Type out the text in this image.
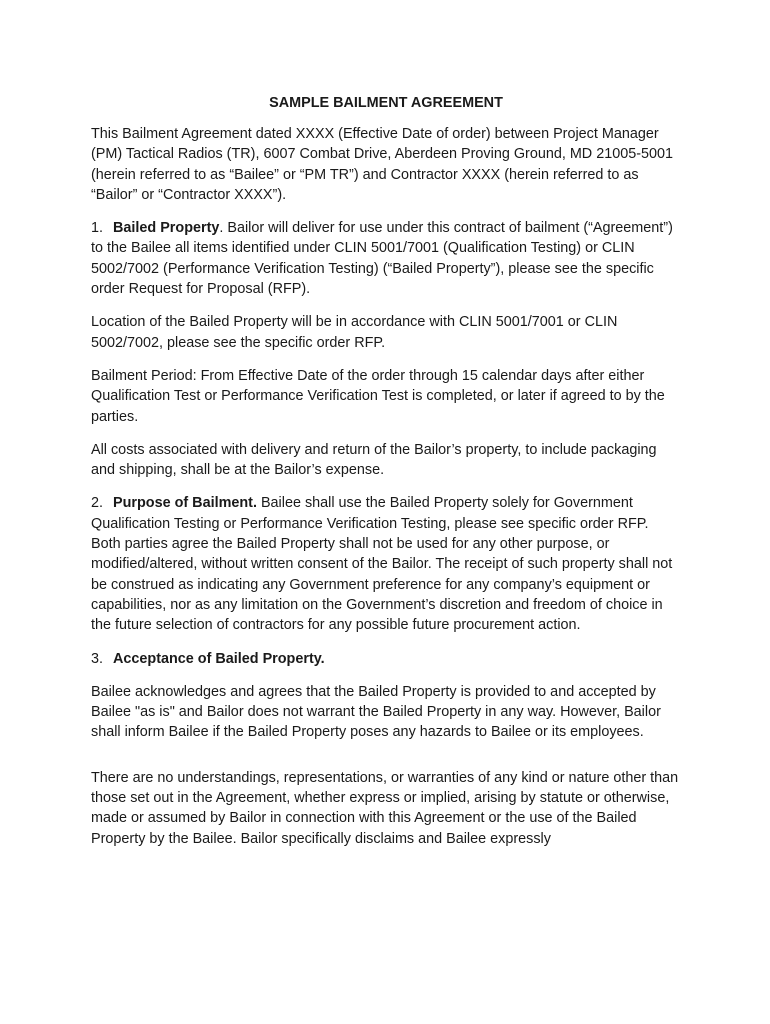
SAMPLE BAILMENT AGREEMENT

This Bailment Agreement dated XXXX (Effective Date of order) between Project Manager (PM) Tactical Radios (TR), 6007 Combat Drive, Aberdeen Proving Ground, MD 21005-5001 (herein referred to as “Bailee” or “PM TR”) and Contractor XXXX (herein referred to as “Bailor” or “Contractor XXXX”).

1. Bailed Property. Bailor will deliver for use under this contract of bailment (“Agreement”) to the Bailee all items identified under CLIN 5001/7001 (Qualification Testing) or CLIN 5002/7002 (Performance Verification Testing) (“Bailed Property”), please see the specific order Request for Proposal (RFP).

Location of the Bailed Property will be in accordance with CLIN 5001/7001 or CLIN 5002/7002, please see the specific order RFP.

Bailment Period: From Effective Date of the order through 15 calendar days after either Qualification Test or Performance Verification Test is completed, or later if agreed to by the parties.

All costs associated with delivery and return of the Bailor’s property, to include packaging and shipping, shall be at the Bailor’s expense.

2. Purpose of Bailment. Bailee shall use the Bailed Property solely for Government Qualification Testing or Performance Verification Testing, please see specific order RFP. Both parties agree the Bailed Property shall not be used for any other purpose, or modified/altered, without written consent of the Bailor. The receipt of such property shall not be construed as indicating any Government preference for any company’s equipment or capabilities, nor as any limitation on the Government’s discretion and freedom of choice in the future selection of contractors for any possible future procurement action.

3. Acceptance of Bailed Property.

Bailee acknowledges and agrees that the Bailed Property is provided to and accepted by Bailee "as is" and Bailor does not warrant the Bailed Property in any way. However, Bailor shall inform Bailee if the Bailed Property poses any hazards to Bailee or its employees.

There are no understandings, representations, or warranties of any kind or nature other than those set out in the Agreement, whether express or implied, arising by statute or otherwise, made or assumed by Bailor in connection with this Agreement or the use of the Bailed Property by the Bailee. Bailor specifically disclaims and Bailee expressly
